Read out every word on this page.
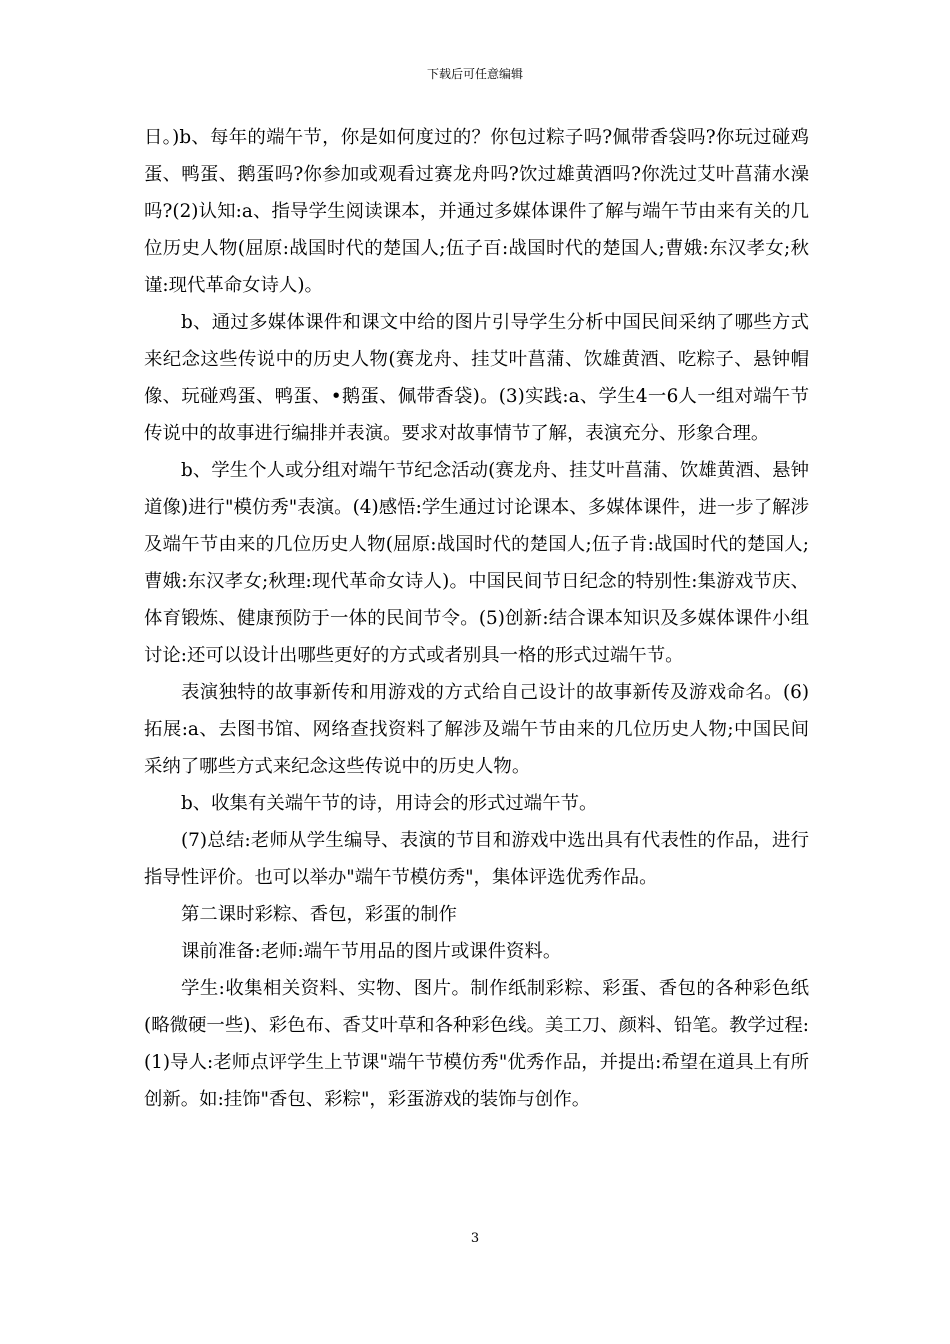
下载后可任意编辑

日。)b、每年的端午节，你是如何度过的？你包过粽子吗?佩带香袋吗?你玩过碰鸡蛋、鸭蛋、鹅蛋吗?你参加或观看过赛龙舟吗?饮过雄黄酒吗?你洗过艾叶菖蒲水澡吗?(2)认知:a、指导学生阅读课本，并通过多媒体课件了解与端午节由来有关的几位历史人物(屈原:战国时代的楚国人;伍子百:战国时代的楚国人;曹娥:东汉孝女;秋谨:现代革命女诗人)。

b、通过多媒体课件和课文中给的图片引导学生分析中国民间采纳了哪些方式来纪念这些传说中的历史人物(赛龙舟、挂艾叶菖蒲、饮雄黄酒、吃粽子、悬钟帽像、玩碰鸡蛋、鸭蛋、•鹅蛋、佩带香袋)。(3)实践:a、学生4一6人一组对端午节传说中的故事进行编排并表演。要求对故事情节了解，表演充分、形象合理。

b、学生个人或分组对端午节纪念活动(赛龙舟、挂艾叶菖蒲、饮雄黄酒、悬钟道像)进行"模仿秀"表演。(4)感悟:学生通过讨论课本、多媒体课件，进一步了解涉及端午节由来的几位历史人物(屈原:战国时代的楚国人;伍子肯:战国时代的楚国人;曹娥:东汉孝女;秋理:现代革命女诗人)。中国民间节日纪念的特别性:集游戏节庆、体育锻炼、健康预防于一体的民间节令。(5)创新:结合课本知识及多媒体课件小组讨论:还可以设计出哪些更好的方式或者别具一格的形式过端午节。

表演独特的故事新传和用游戏的方式给自己设计的故事新传及游戏命名。(6)拓展:a、去图书馆、网络查找资料了解涉及端午节由来的几位历史人物;中国民间采纳了哪些方式来纪念这些传说中的历史人物。

b、收集有关端午节的诗，用诗会的形式过端午节。

(7)总结:老师从学生编导、表演的节目和游戏中选出具有代表性的作品，进行指导性评价。也可以举办"端午节模仿秀"，集体评选优秀作品。

第二课时彩粽、香包，彩蛋的制作

课前准备:老师:端午节用品的图片或课件资料。

学生:收集相关资料、实物、图片。制作纸制彩粽、彩蛋、香包的各种彩色纸(略微硬一些)、彩色布、香艾叶草和各种彩色线。美工刀、颜料、铅笔。教学过程:(1)导人:老师点评学生上节课"端午节模仿秀"优秀作品，并提出:希望在道具上有所创新。如:挂饰"香包、彩粽"，彩蛋游戏的装饰与创作。

3
